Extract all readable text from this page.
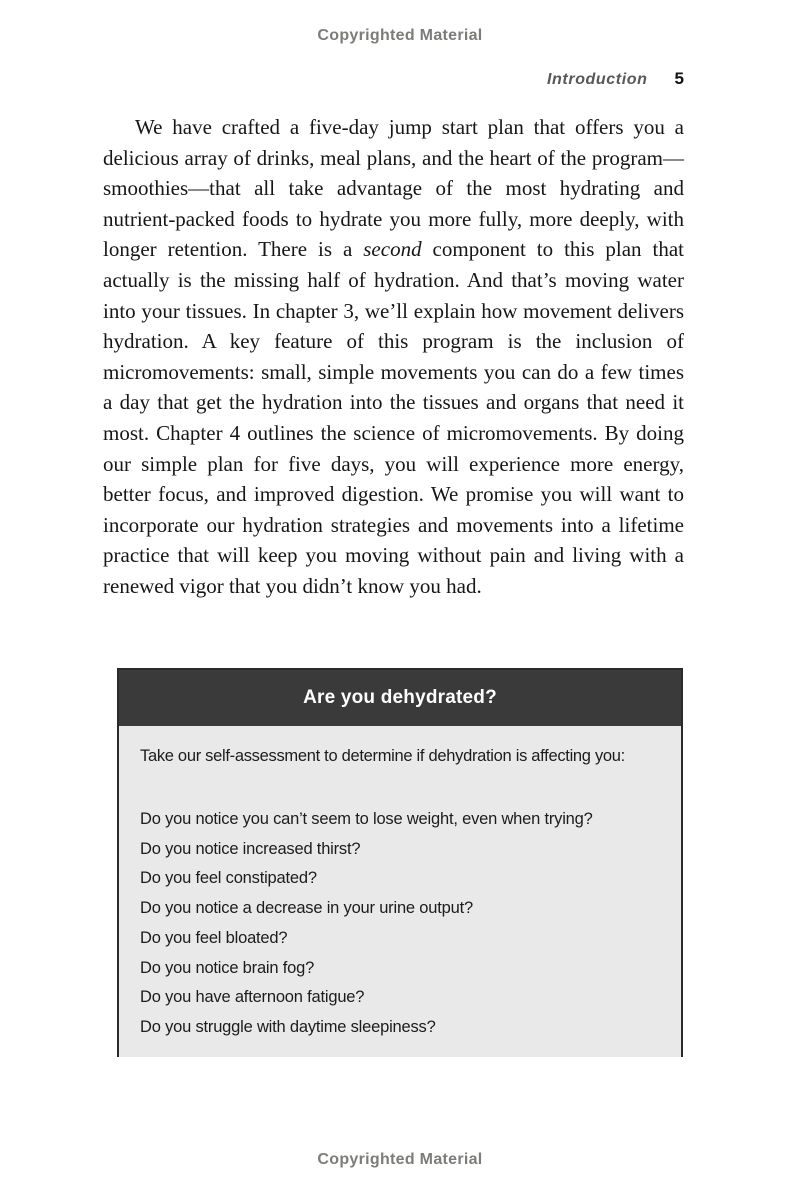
Copyrighted Material
Introduction 5

We have crafted a five-day jump start plan that offers you a delicious array of drinks, meal plans, and the heart of the program—smoothies—that all take advantage of the most hydrating and nutrient-packed foods to hydrate you more fully, more deeply, with longer retention. There is a second component to this plan that actually is the missing half of hydration. And that’s moving water into your tissues. In chapter 3, we’ll explain how movement delivers hydration. A key feature of this program is the inclusion of micromovements: small, simple movements you can do a few times a day that get the hydration into the tissues and organs that need it most. Chapter 4 outlines the science of micromovements. By doing our simple plan for five days, you will experience more energy, better focus, and improved digestion. We promise you will want to incorporate our hydration strategies and movements into a lifetime practice that will keep you moving without pain and living with a renewed vigor that you didn’t know you had.

Are you dehydrated?
Take our self-assessment to determine if dehydration is affecting you:
Do you notice you can’t seem to lose weight, even when trying?
Do you notice increased thirst?
Do you feel constipated?
Do you notice a decrease in your urine output?
Do you feel bloated?
Do you notice brain fog?
Do you have afternoon fatigue?
Do you struggle with daytime sleepiness?
Copyrighted Material
